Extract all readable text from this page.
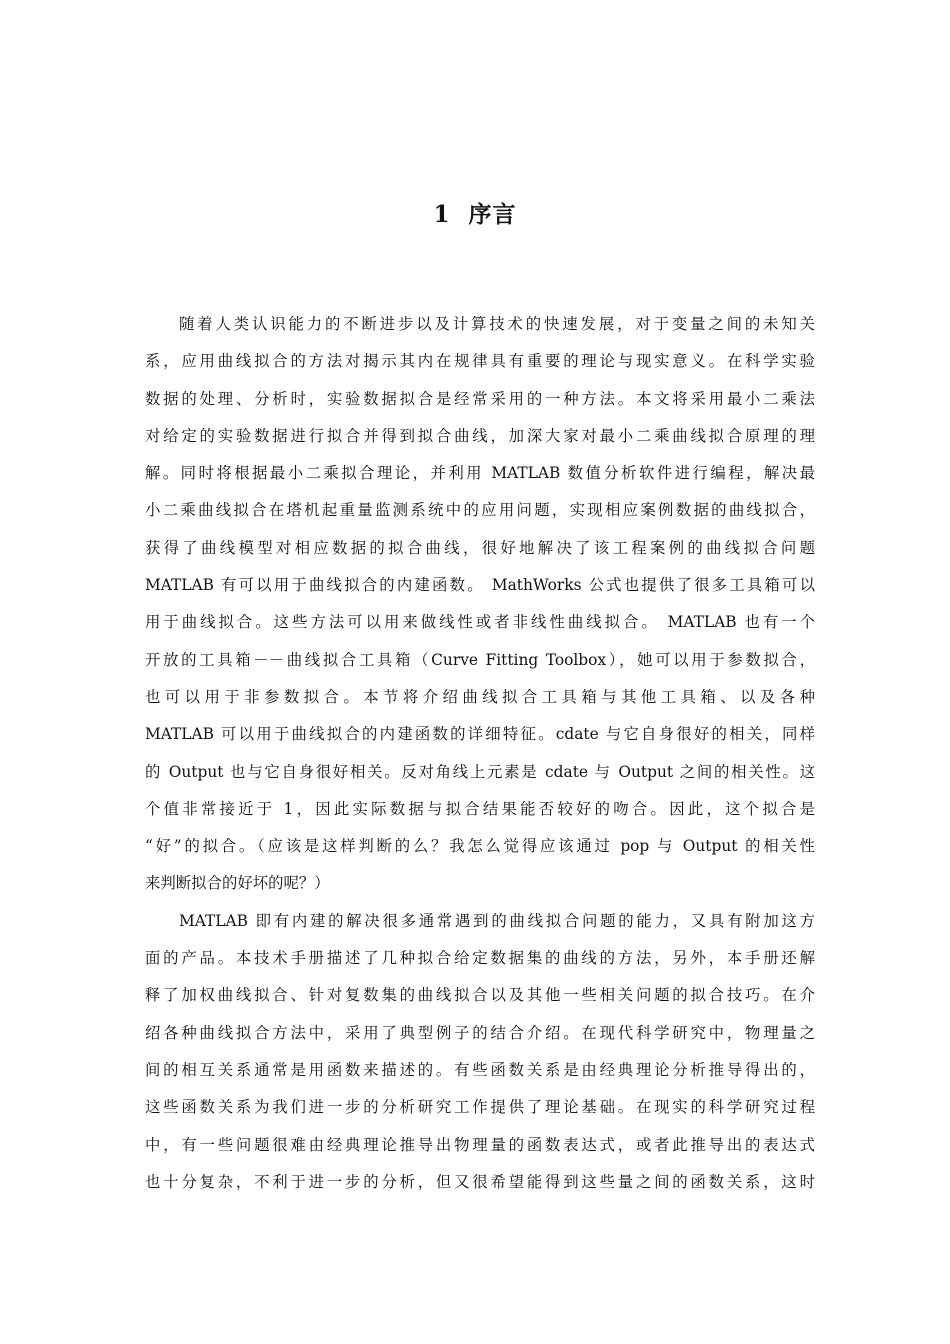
1 序言
随着人类认识能力的不断进步以及计算技术的快速发展，对于变量之间的未知关
系，应用曲线拟合的方法对揭示其内在规律具有重要的理论与现实意义。在科学实验
数据的处理、分析时，实验数据拟合是经常采用的一种方法。本文将采用最小二乘法
对给定的实验数据进行拟合并得到拟合曲线，加深大家对最小二乘曲线拟合原理的理
解。同时将根据最小二乘拟合理论，并利用 MATLAB 数值分析软件进行编程，解决最
小二乘曲线拟合在塔机起重量监测系统中的应用问题，实现相应案例数据的曲线拟合，
获得了曲线模型对相应数据的拟合曲线，很好地解决了该工程案例的曲线拟合问题
MATLAB 有可以用于曲线拟合的内建函数。 MathWorks 公式也提供了很多工具箱可以
用于曲线拟合。这些方法可以用来做线性或者非线性曲线拟合。 MATLAB 也有一个
开放的工具箱－－曲线拟合工具箱（Curve Fitting Toolbox），她可以用于参数拟合，
也可以用于非参数拟合。本节将介绍曲线拟合工具箱与其他工具箱、以及各种
MATLAB 可以用于曲线拟合的内建函数的详细特征。cdate 与它自身很好的相关，同样
的 Output 也与它自身很好相关。反对角线上元素是 cdate 与 Output 之间的相关性。这
个值非常接近于 1，因此实际数据与拟合结果能否较好的吻合。因此，这个拟合是
“好”的拟合。（应该是这样判断的么？我怎么觉得应该通过 pop 与 Output 的相关性
来判断拟合的好坏的呢？）
MATLAB 即有内建的解决很多通常遇到的曲线拟合问题的能力，又具有附加这方
面的产品。本技术手册描述了几种拟合给定数据集的曲线的方法，另外，本手册还解
释了加权曲线拟合、针对复数集的曲线拟合以及其他一些相关问题的拟合技巧。在介
绍各种曲线拟合方法中，采用了典型例子的结合介绍。在现代科学研究中，物理量之
间的相互关系通常是用函数来描述的。有些函数关系是由经典理论分析推导得出的，
这些函数关系为我们进一步的分析研究工作提供了理论基础。在现实的科学研究过程
中，有一些问题很难由经典理论推导出物理量的函数表达式，或者此推导出的表达式
也十分复杂，不利于进一步的分析，但又很希望能得到这些量之间的函数关系，这时
